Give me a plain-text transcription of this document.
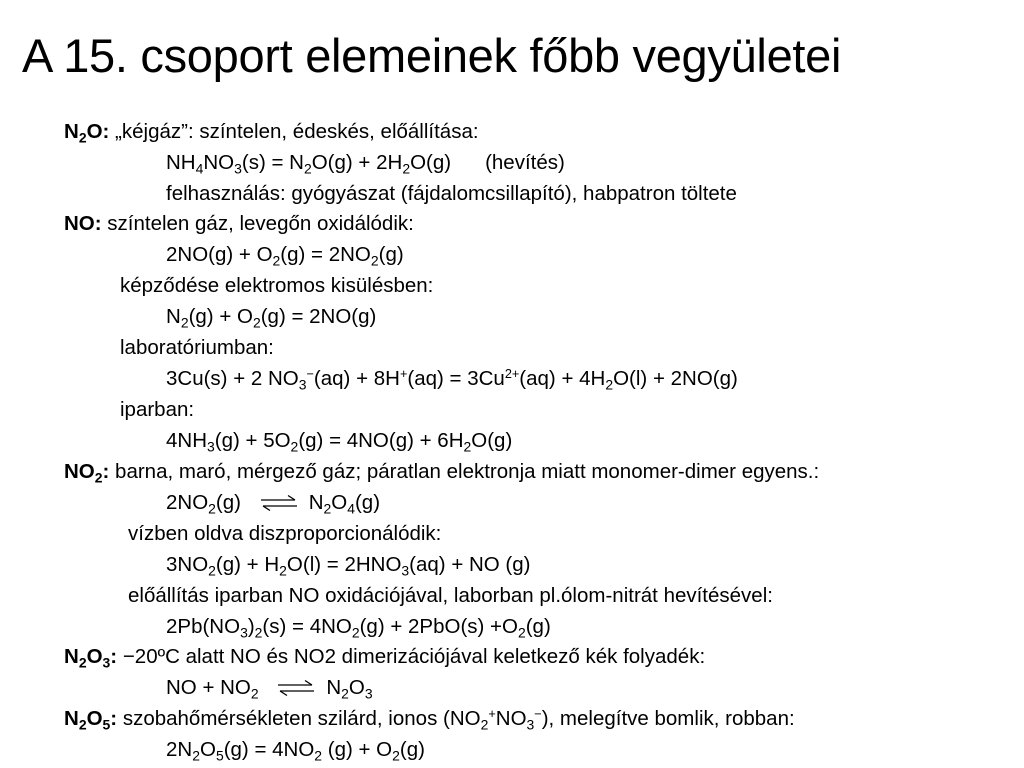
A 15. csoport elemeinek főbb vegyületei
$N_2O$: „kéjgáz”: színtelen, édeskés, előállítása:
$NH_4NO_3(s) = N_2O(g) + 2H_2O(g)$ (hevítés)
felhasználás: gyógyászat (fájdalomcsillapító), habpatron töltete
NO: színtelen gáz, levegőn oxidálódik:
$2NO(g) + O_2(g) = 2NO_2(g)$
képződése elektromos kisülésben:
$N_2(g) + O_2(g) = 2NO(g)$
laboratóriumban:
3Cu(s) + 2 $NO_3^-(aq) + 8H^+(aq) = 3Cu^{2+}(aq) + 4H_2O(l) + 2NO(g)$
iparban:
$4NH_3(g) + 5O_2(g) = 4NO(g) + 6H_2O(g)$
$NO_2$: barna, maró, mérgező gáz; páratlan elektronja miatt monomer-dimer egyens.:
$2NO_2(g)$ ⇌ $N_2O_4(g)$
vízben oldva diszproporcionálódik:
$3NO_2(g) + H_2O(l) = 2HNO_3(aq)$ + NO (g)
előállítás iparban NO oxidációjával, laborban pl.ólom-nitrát hevítésével:
$2Pb(NO_3)_2(s) = 4NO_2(g) + 2PbO(s) +O_2(g)$
$N_2O_3$: −20ºC alatt NO és NO2 dimerizációjával keletkező kék folyadék:
NO + $NO_2$ ⇌ $N_2O_3$
$N_2O_5$: szobahőmérsékleten szilárd, ionos $(NO_2^+NO_3^-)$, melegítve bomlik, robban:
$2N_2O_5(g) = 4NO_2$ $(g) + O_2(g)$
